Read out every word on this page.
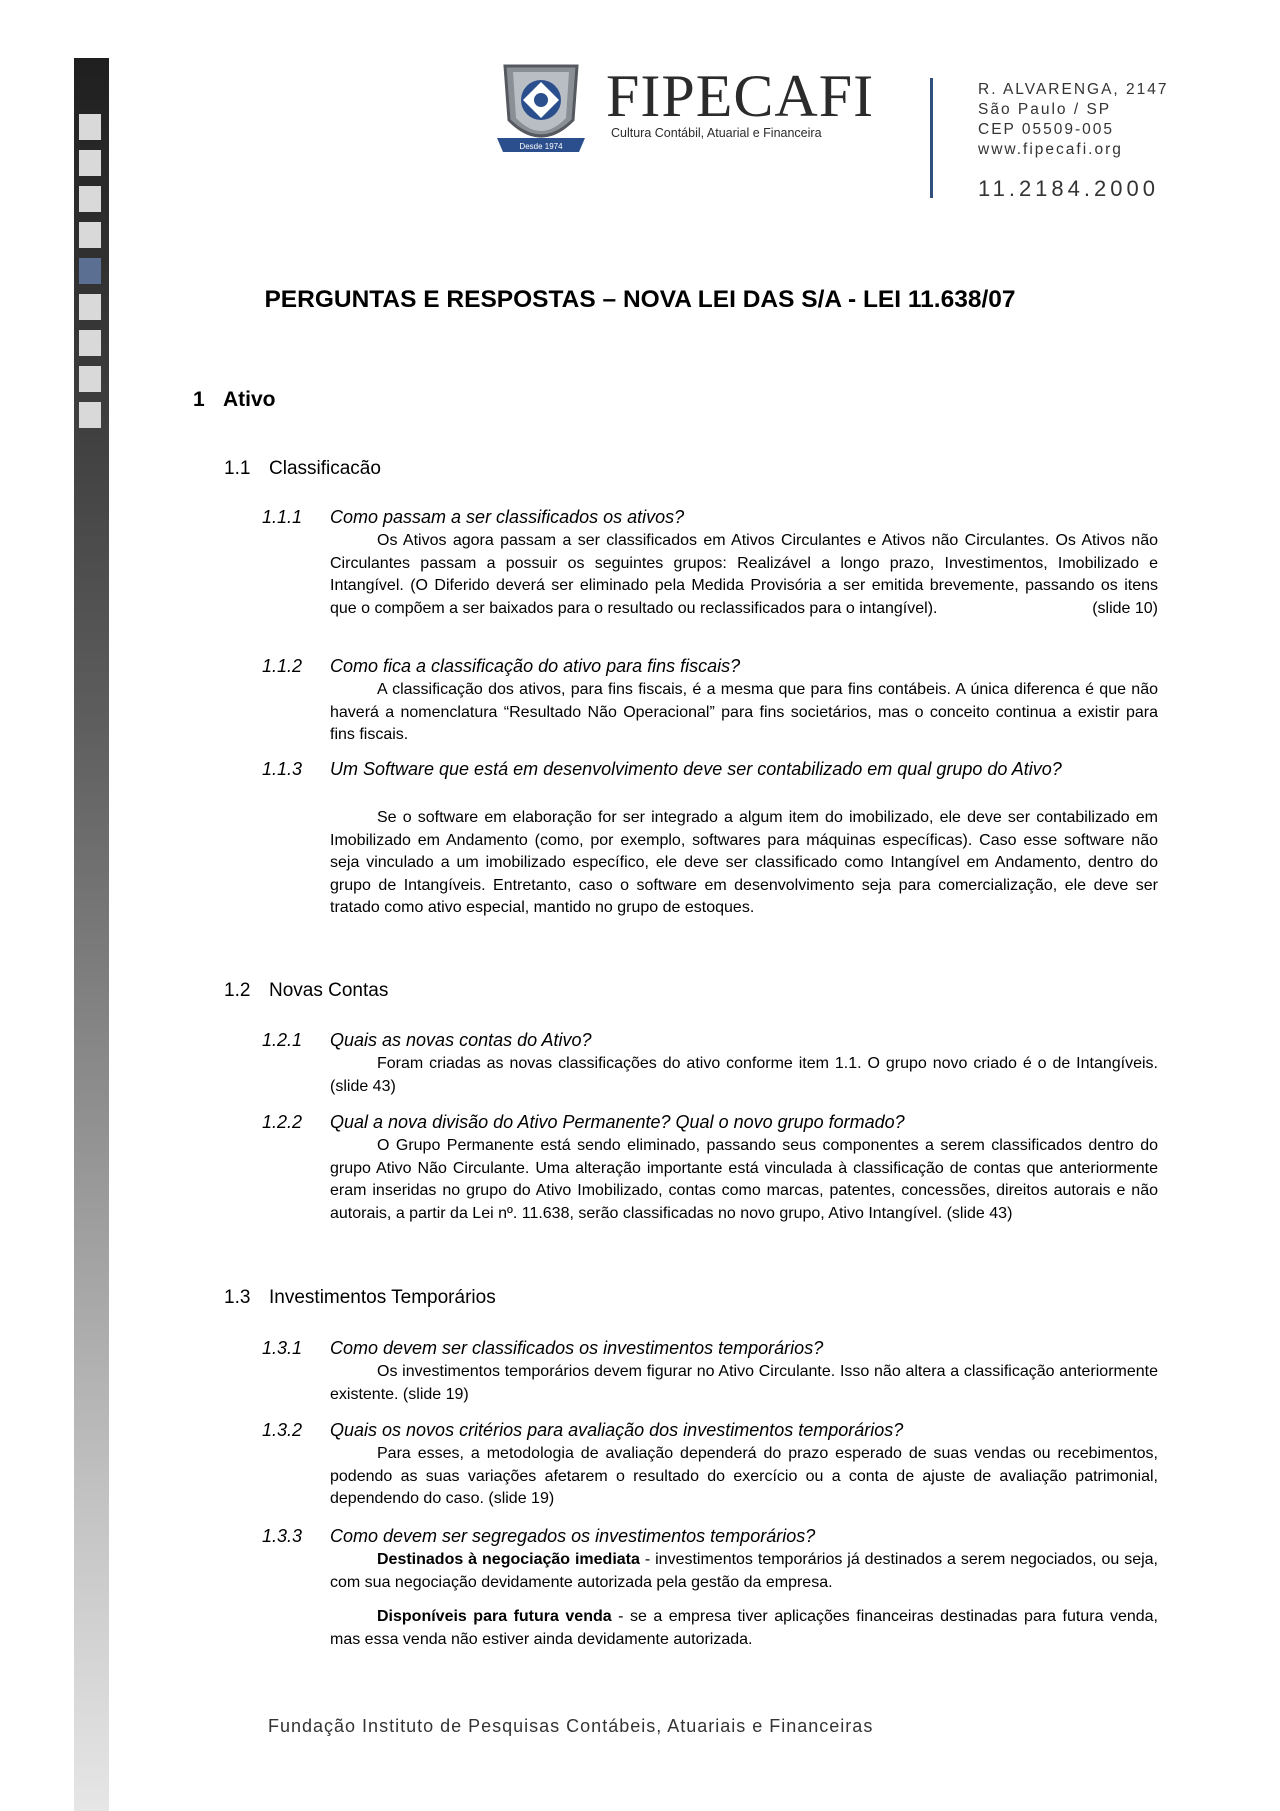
Desde 1974
FIPECAFI
Cultura Contábil, Atuarial e Financeira
R. ALVARENGA, 2147
São Paulo / SP
CEP 05509-005
www.fipecafi.org
11.2184.2000
PERGUNTAS E RESPOSTAS – NOVA LEI DAS S/A - LEI 11.638/07
1 Ativo
1.1 Classificacão
1.1.1 Como passam a ser classificados os ativos?
Os Ativos agora passam a ser classificados em Ativos Circulantes e Ativos não Circulantes. Os Ativos não Circulantes passam a possuir os seguintes grupos: Realizável a longo prazo, Investimentos, Imobilizado e Intangível. (O Diferido deverá ser eliminado pela Medida Provisória a ser emitida brevemente, passando os itens que o compõem a ser baixados para o resultado ou reclassificados para o intangível).	(slide 10)
1.1.2 Como fica a classificação do ativo para fins fiscais?
A classificação dos ativos, para fins fiscais, é a mesma que para fins contábeis. A única diferenca é que não haverá a nomenclatura “Resultado Não Operacional” para fins societários, mas o conceito continua a existir para fins fiscais.
1.1.3 Um Software que está em desenvolvimento deve ser contabilizado em qual grupo do Ativo?
Se o software em elaboração for ser integrado a algum item do imobilizado, ele deve ser contabilizado em Imobilizado em Andamento (como, por exemplo, softwares para máquinas específicas). Caso esse software não seja vinculado a um imobilizado específico, ele deve ser classificado como Intangível em Andamento, dentro do grupo de Intangíveis. Entretanto, caso o software em desenvolvimento seja para comercialização, ele deve ser tratado como ativo especial, mantido no grupo de estoques.
1.2 Novas Contas
1.2.1 Quais as novas contas do Ativo?
Foram criadas as novas classificações do ativo conforme item 1.1. O grupo novo criado é o de Intangíveis. (slide 43)
1.2.2 Qual a nova divisão do Ativo Permanente? Qual o novo grupo formado?
O Grupo Permanente está sendo eliminado, passando seus componentes a serem classificados dentro do grupo Ativo Não Circulante. Uma alteração importante está vinculada à classificação de contas que anteriormente eram inseridas no grupo do Ativo Imobilizado, contas como marcas, patentes, concessões, direitos autorais e não autorais, a partir da Lei nº. 11.638, serão classificadas no novo grupo, Ativo Intangível. (slide 43)
1.3 Investimentos Temporários
1.3.1 Como devem ser classificados os investimentos temporários?
Os investimentos temporários devem figurar no Ativo Circulante. Isso não altera a classificação anteriormente existente. (slide 19)
1.3.2 Quais os novos critérios para avaliação dos investimentos temporários?
Para esses, a metodologia de avaliação dependerá do prazo esperado de suas vendas ou recebimentos, podendo as suas variações afetarem o resultado do exercício ou a conta de ajuste de avaliação patrimonial, dependendo do caso. (slide 19)
1.3.3 Como devem ser segregados os investimentos temporários?
Destinados à negociação imediata - investimentos temporários já destinados a serem negociados, ou seja, com sua negociação devidamente autorizada pela gestão da empresa.
Disponíveis para futura venda - se a empresa tiver aplicações financeiras destinadas para futura venda, mas essa venda não estiver ainda devidamente autorizada.
Fundação Instituto de Pesquisas Contábeis, Atuariais e Financeiras
